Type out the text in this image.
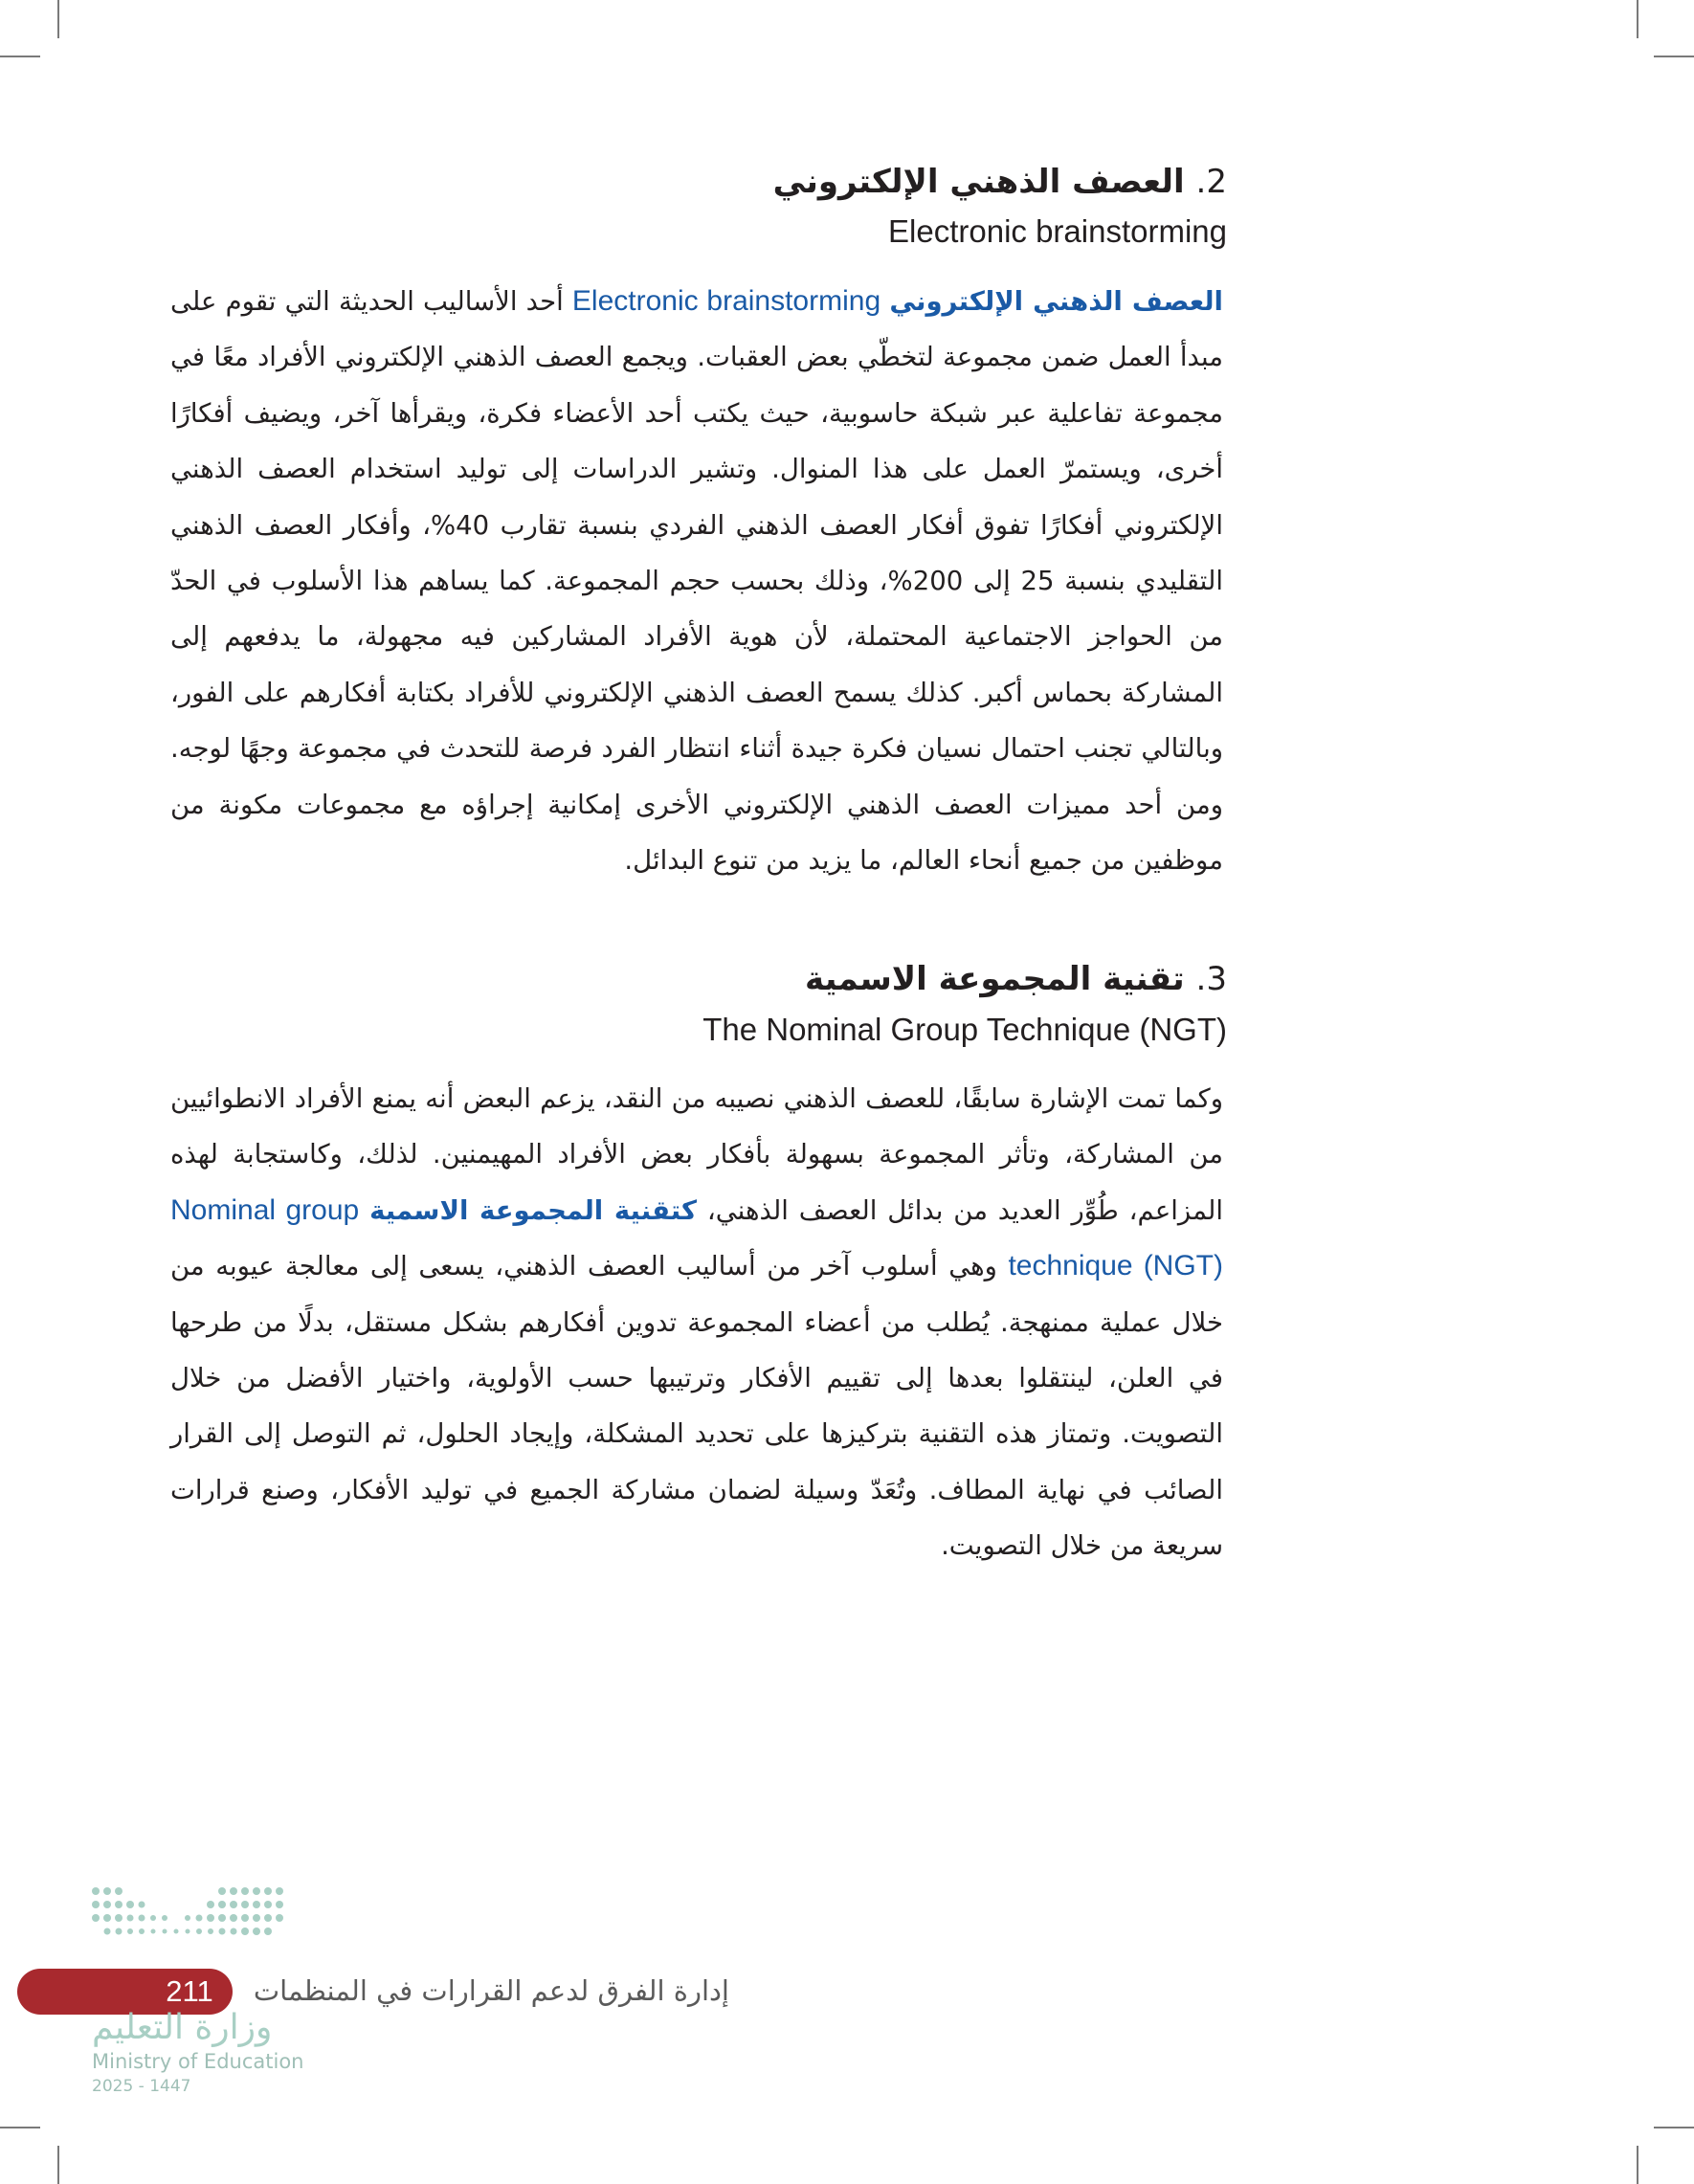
2. العصف الذهني الإلكتروني
Electronic brainstorming

العصف الذهني الإلكتروني Electronic brainstorming أحد الأساليب الحديثة التي تقوم على مبدأ العمل ضمن مجموعة لتخطّي بعض العقبات. ويجمع العصف الذهني الإلكتروني الأفراد معًا في مجموعة تفاعلية عبر شبكة حاسوبية، حيث يكتب أحد الأعضاء فكرة، ويقرأها آخر، ويضيف أفكارًا أخرى، ويستمرّ العمل على هذا المنوال. وتشير الدراسات إلى توليد استخدام العصف الذهني الإلكتروني أفكارًا تفوق أفكار العصف الذهني الفردي بنسبة تقارب 40%، وأفكار العصف الذهني التقليدي بنسبة 25 إلى 200%، وذلك بحسب حجم المجموعة. كما يساهم هذا الأسلوب في الحدّ من الحواجز الاجتماعية المحتملة، لأن هوية الأفراد المشاركين فيه مجهولة، ما يدفعهم إلى المشاركة بحماس أكبر. كذلك يسمح العصف الذهني الإلكتروني للأفراد بكتابة أفكارهم على الفور، وبالتالي تجنب احتمال نسيان فكرة جيدة أثناء انتظار الفرد فرصة للتحدث في مجموعة وجهًا لوجه. ومن أحد مميزات العصف الذهني الإلكتروني الأخرى إمكانية إجراؤه مع مجموعات مكونة من موظفين من جميع أنحاء العالم، ما يزيد من تنوع البدائل.

3. تقنية المجموعة الاسمية
The Nominal Group Technique (NGT)

وكما تمت الإشارة سابقًا، للعصف الذهني نصيبه من النقد، يزعم البعض أنه يمنع الأفراد الانطوائيين من المشاركة، وتأثر المجموعة بسهولة بأفكار بعض الأفراد المهيمنين. لذلك، وكاستجابة لهذه المزاعم، طُوِّر العديد من بدائل العصف الذهني، كتقنية المجموعة الاسمية Nominal group technique (NGT) وهي أسلوب آخر من أساليب العصف الذهني، يسعى إلى معالجة عيوبه من خلال عملية ممنهجة. يُطلب من أعضاء المجموعة تدوين أفكارهم بشكل مستقل، بدلًا من طرحها في العلن، لينتقلوا بعدها إلى تقييم الأفكار وترتيبها حسب الأولوية، واختيار الأفضل من خلال التصويت. وتمتاز هذه التقنية بتركيزها على تحديد المشكلة، وإيجاد الحلول، ثم التوصل إلى القرار الصائب في نهاية المطاف. وتُعَدّ وسيلة لضمان مشاركة الجميع في توليد الأفكار، وصنع قرارات سريعة من خلال التصويت.

211	إدارة الفرق لدعم القرارات في المنظمات
وزارة التعليم
Ministry of Education
2025 - 1447
